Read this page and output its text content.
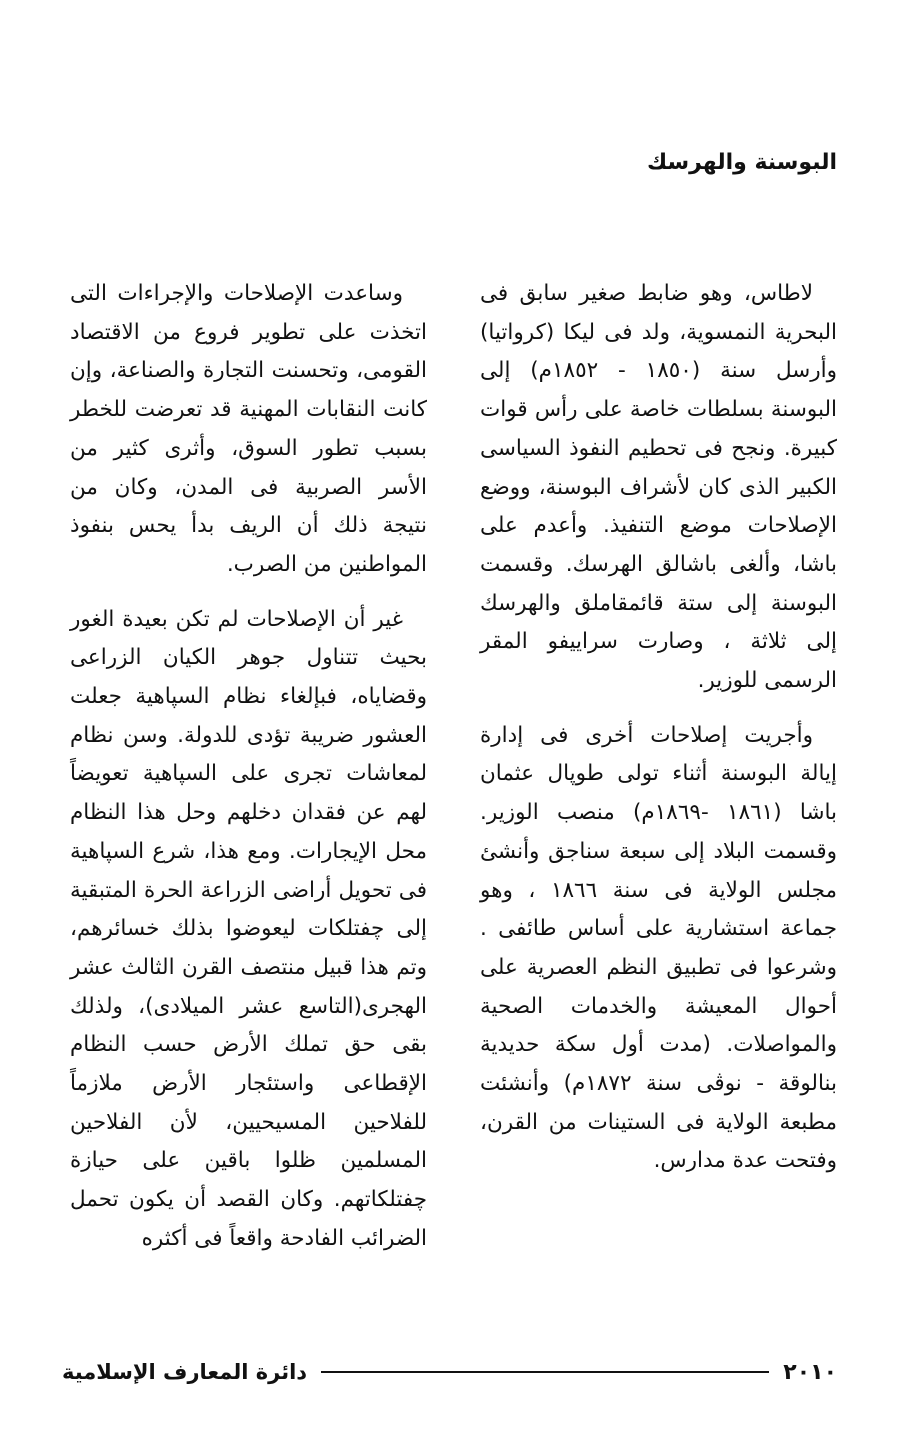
البوسنة والهرسك

لاطاس، وهو ضابط صغير سابق فى البحرية النمسوية، ولد فى ليكا (كرواتيا) وأرسل سنة (١٨٥٠ - ١٨٥٢م) إلى البوسنة بسلطات خاصة على رأس قوات كبيرة. ونجح فى تحطيم النفوذ السياسى الكبير الذى كان لأشراف البوسنة، ووضع الإصلاحات موضع التنفيذ. وأعدم على باشا، وألغى باشالق الهرسك. وقسمت البوسنة إلى ستة قائمقاملق والهرسك إلى ثلاثة ، وصارت سراييفو المقر الرسمى للوزير.

وأجريت إصلاحات أخرى فى إدارة إيالة البوسنة أثناء تولى طوپال عثمان باشا (١٨٦١ -١٨٦٩م) منصب الوزير. وقسمت البلاد إلى سبعة سناجق وأنشئ مجلس الولاية فى سنة ١٨٦٦ ، وهو جماعة استشارية على أساس طائفى . وشرعوا فى تطبيق النظم العصرية على أحوال المعيشة والخدمات الصحية والمواصلات. (مدت أول سكة حديدية بنالوقة - نوڤى سنة ١٨٧٢م) وأنشئت مطبعة الولاية فى الستينات من القرن، وفتحت عدة مدارس.

وساعدت الإصلاحات والإجراءات التى اتخذت على تطوير فروع من الاقتصاد القومى، وتحسنت التجارة والصناعة، وإن كانت النقابات المهنية قد تعرضت للخطر بسبب تطور السوق، وأثرى كثير من الأسر الصربية فى المدن، وكان من نتيجة ذلك أن الريف بدأ يحس بنفوذ المواطنين من الصرب.

غير أن الإصلاحات لم تكن بعيدة الغور بحيث تتناول جوهر الكيان الزراعى وقضاياه، فبإلغاء نظام السپاهية جعلت العشور ضريبة تؤدى للدولة. وسن نظام لمعاشات تجرى على السپاهية تعويضاً لهم عن فقدان دخلهم وحل هذا النظام محل الإيجارات. ومع هذا، شرع السپاهية فى تحويل أراضى الزراعة الحرة المتبقية إلى چفتلكات ليعوضوا بذلك خسائرهم، وتم هذا قبيل منتصف القرن الثالث عشر الهجرى(التاسع عشر الميلادى)، ولذلك بقى حق تملك الأرض حسب النظام الإقطاعى واستئجار الأرض ملازماً للفلاحين المسيحيين، لأن الفلاحين المسلمين ظلوا باقين على حيازة چفتلكاتهم. وكان القصد أن يكون تحمل الضرائب الفادحة واقعاً فى أكثره

٢٠١٠
دائرة المعارف الإسلامية
